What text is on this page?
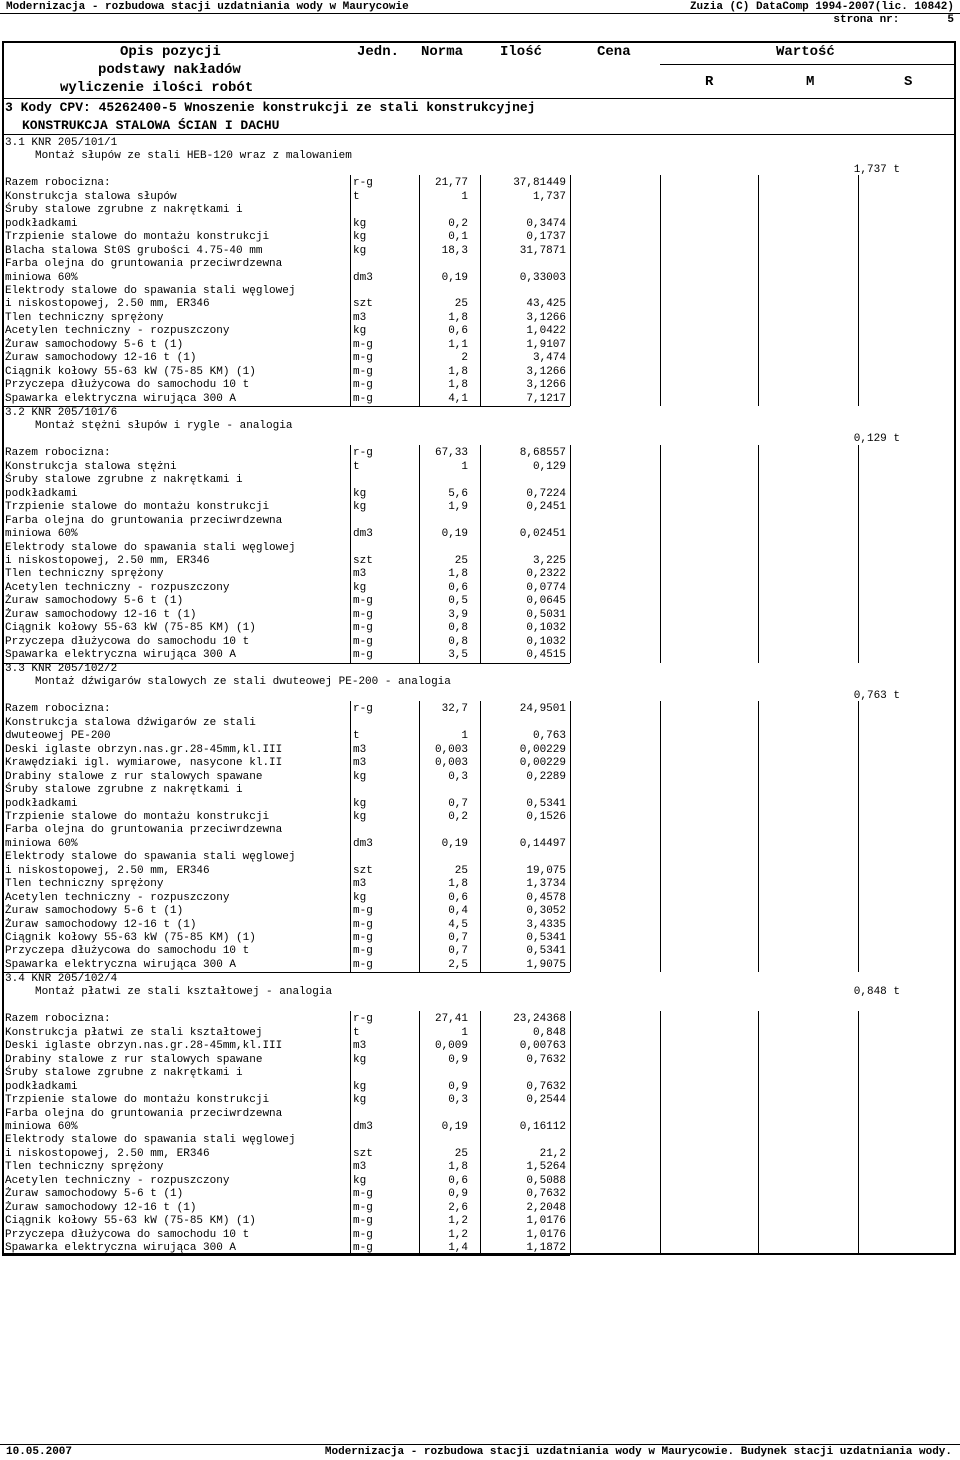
Modernizacja - rozbudowa stacji uzdatniania wody w Maurycowie	Zuzia (C) DataComp 1994-2007(lic. 10842)
strona nr:	5
Opis pozycji
podstawy nakładów
wyliczenie ilości robót
Jedn. Norma	Ilość	Cena	Wartość
R	M	S
3 Kody CPV: 45262400-5 Wnoszenie konstrukcji ze stali konstrukcyjnej
KONSTRUKCJA STALOWA ŚCIAN I DACHU
3.1 KNR 205/101/1
Montaż słupów ze stali HEB-120 wraz z malowaniem
1,737 t
Razem robocizna:	r-g	21,77	37,81449
Konstrukcja stalowa słupów	t	1	1,737
Śruby stalowe zgrubne z nakrętkami i
podkładkami	kg	0,2	0,3474
Trzpienie stalowe do montażu konstrukcji	kg	0,1	0,1737
Blacha stalowa St0S grubości 4.75-40 mm	kg	18,3	31,7871
Farba olejna do gruntowania przeciwrdzewna
miniowa 60%	dm3	0,19	0,33003
Elektrody stalowe do spawania stali węglowej
i niskostopowej, 2.50 mm, ER346	szt	25	43,425
Tlen techniczny sprężony	m3	1,8	3,1266
Acetylen techniczny - rozpuszczony	kg	0,6	1,0422
Żuraw samochodowy 5-6 t (1)	m-g	1,1	1,9107
Żuraw samochodowy 12-16 t (1)	m-g	2	3,474
Ciągnik kołowy 55-63 kW (75-85 KM) (1)	m-g	1,8	3,1266
Przyczepa dłużycowa do samochodu 10 t	m-g	1,8	3,1266
Spawarka elektryczna wirująca 300 A	m-g	4,1	7,1217
3.2 KNR 205/101/6
Montaż stężni słupów i rygle - analogia
0,129 t
Razem robocizna:	r-g	67,33	8,68557
Konstrukcja stalowa stężni	t	1	0,129
Śruby stalowe zgrubne z nakrętkami i
podkładkami	kg	5,6	0,7224
Trzpienie stalowe do montażu konstrukcji	kg	1,9	0,2451
Farba olejna do gruntowania przeciwrdzewna
miniowa 60%	dm3	0,19	0,02451
Elektrody stalowe do spawania stali węglowej
i niskostopowej, 2.50 mm, ER346	szt	25	3,225
Tlen techniczny sprężony	m3	1,8	0,2322
Acetylen techniczny - rozpuszczony	kg	0,6	0,0774
Żuraw samochodowy 5-6 t (1)	m-g	0,5	0,0645
Żuraw samochodowy 12-16 t (1)	m-g	3,9	0,5031
Ciągnik kołowy 55-63 kW (75-85 KM) (1)	m-g	0,8	0,1032
Przyczepa dłużycowa do samochodu 10 t	m-g	0,8	0,1032
Spawarka elektryczna wirująca 300 A	m-g	3,5	0,4515
3.3 KNR 205/102/2
Montaż dźwigarów stalowych ze stali dwuteowej PE-200 - analogia
0,763 t
Razem robocizna:	r-g	32,7	24,9501
Konstrukcja stalowa dźwigarów ze stali
dwuteowej PE-200	t	1	0,763
Deski iglaste obrzyn.nas.gr.28-45mm,kl.III	m3	0,003	0,00229
Krawędziaki igl. wymiarowe, nasycone kl.II	m3	0,003	0,00229
Drabiny stalowe z rur stalowych spawane	kg	0,3	0,2289
Śruby stalowe zgrubne z nakrętkami i
podkładkami	kg	0,7	0,5341
Trzpienie stalowe do montażu konstrukcji	kg	0,2	0,1526
Farba olejna do gruntowania przeciwrdzewna
miniowa 60%	dm3	0,19	0,14497
Elektrody stalowe do spawania stali węglowej
i niskostopowej, 2.50 mm, ER346	szt	25	19,075
Tlen techniczny sprężony	m3	1,8	1,3734
Acetylen techniczny - rozpuszczony	kg	0,6	0,4578
Żuraw samochodowy 5-6 t (1)	m-g	0,4	0,3052
Żuraw samochodowy 12-16 t (1)	m-g	4,5	3,4335
Ciągnik kołowy 55-63 kW (75-85 KM) (1)	m-g	0,7	0,5341
Przyczepa dłużycowa do samochodu 10 t	m-g	0,7	0,5341
Spawarka elektryczna wirująca 300 A	m-g	2,5	1,9075
3.4 KNR 205/102/4
Montaż płatwi ze stali kształtowej - analogia	0,848 t
Razem robocizna:	r-g	27,41	23,24368
Konstrukcja płatwi ze stali kształtowej	t	1	0,848
Deski iglaste obrzyn.nas.gr.28-45mm,kl.III	m3	0,009	0,00763
Drabiny stalowe z rur stalowych spawane	kg	0,9	0,7632
Śruby stalowe zgrubne z nakrętkami i
podkładkami	kg	0,9	0,7632
Trzpienie stalowe do montażu konstrukcji	kg	0,3	0,2544
Farba olejna do gruntowania przeciwrdzewna
miniowa 60%	dm3	0,19	0,16112
Elektrody stalowe do spawania stali węglowej
i niskostopowej, 2.50 mm, ER346	szt	25	21,2
Tlen techniczny sprężony	m3	1,8	1,5264
Acetylen techniczny - rozpuszczony	kg	0,6	0,5088
Żuraw samochodowy 5-6 t (1)	m-g	0,9	0,7632
Żuraw samochodowy 12-16 t (1)	m-g	2,6	2,2048
Ciągnik kołowy 55-63 kW (75-85 KM) (1)	m-g	1,2	1,0176
Przyczepa dłużycowa do samochodu 10 t	m-g	1,2	1,0176
Spawarka elektryczna wirująca 300 A	m-g	1,4	1,1872
10.05.2007	Modernizacja - rozbudowa stacji uzdatniania wody w Maurycowie. Budynek stacji uzdatniania wody.
